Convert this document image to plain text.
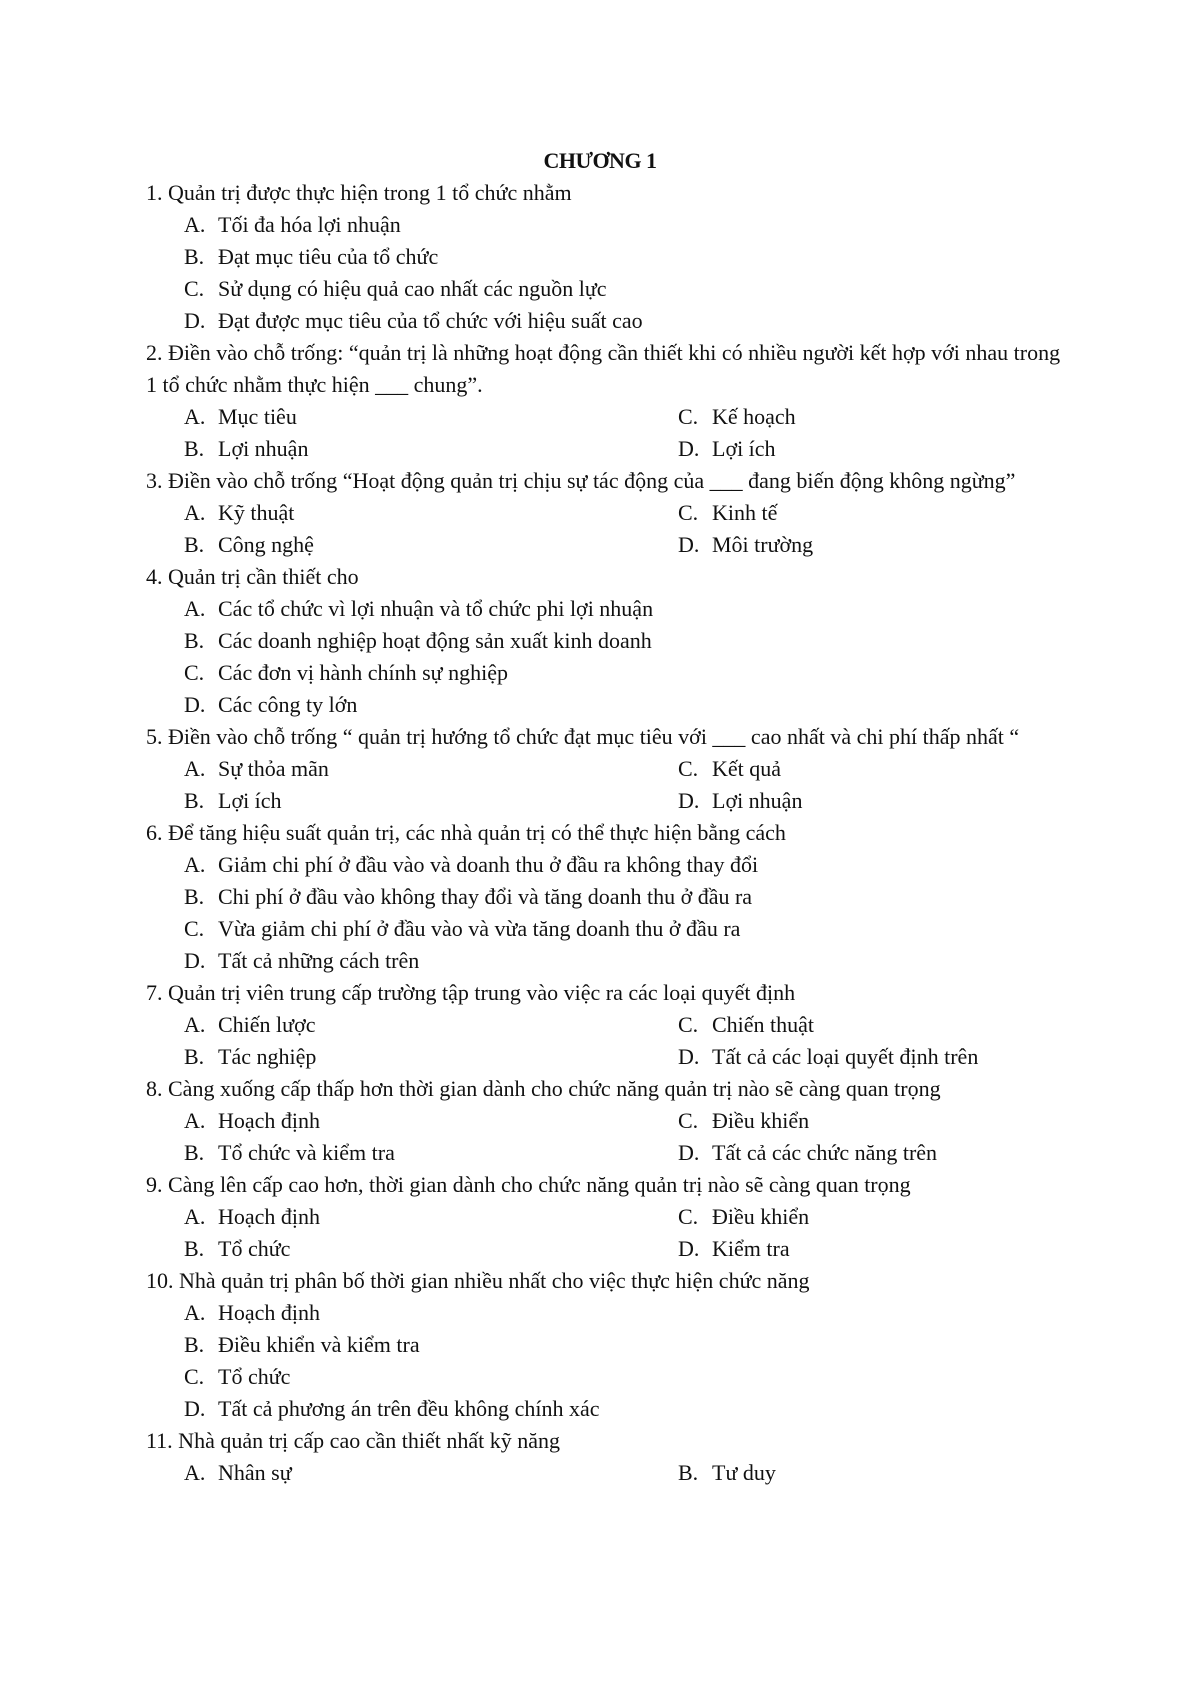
CHƯƠNG 1
1. Quản trị được thực hiện trong 1 tổ chức nhằm
A. Tối đa hóa lợi nhuận
B. Đạt mục tiêu của tổ chức
C. Sử dụng có hiệu quả cao nhất các nguồn lực
D. Đạt được mục tiêu của tổ chức với hiệu suất cao
2. Điền vào chỗ trống: “quản trị là những hoạt động cần thiết khi có nhiều người kết hợp với nhau trong 1 tổ chức nhằm thực hiện ___ chung”.
A. Mục tiêu	C. Kế hoạch
B. Lợi nhuận	D. Lợi ích
3. Điền vào chỗ trống “Hoạt động quản trị chịu sự tác động của ___ đang biến động không ngừng”
A. Kỹ thuật	C. Kinh tế
B. Công nghệ	D. Môi trường
4. Quản trị cần thiết cho
A. Các tổ chức vì lợi nhuận và tổ chức phi lợi nhuận
B. Các doanh nghiệp hoạt động sản xuất kinh doanh
C. Các đơn vị hành chính sự nghiệp
D. Các công ty lớn
5. Điền vào chỗ trống “ quản trị hướng tổ chức đạt mục tiêu với ___ cao nhất và chi phí thấp nhất “
A. Sự thỏa mãn	C. Kết quả
B. Lợi ích	D. Lợi nhuận
6. Để tăng hiệu suất quản trị, các nhà quản trị có thể thực hiện bằng cách
A. Giảm chi phí ở đầu vào và doanh thu ở đầu ra không thay đổi
B. Chi phí ở đầu vào không thay đổi và tăng doanh thu ở đầu ra
C. Vừa giảm chi phí ở đầu vào và vừa tăng doanh thu ở đầu ra
D. Tất cả những cách trên
7. Quản trị viên trung cấp trường tập trung vào việc ra các loại quyết định
A. Chiến lược	C. Chiến thuật
B. Tác nghiệp	D. Tất cả các loại quyết định trên
8. Càng xuống cấp thấp hơn thời gian dành cho chức năng quản trị nào sẽ càng quan trọng
A. Hoạch định	C. Điều khiển
B. Tổ chức và kiểm tra	D. Tất cả các chức năng trên
9. Càng lên cấp cao hơn, thời gian dành cho chức năng quản trị nào sẽ càng quan trọng
A. Hoạch định	C. Điều khiển
B. Tổ chức	D. Kiểm tra
10. Nhà quản trị phân bố thời gian nhiều nhất cho việc thực hiện chức năng
A. Hoạch định
B. Điều khiển và kiểm tra
C. Tổ chức
D. Tất cả phương án trên đều không chính xác
11. Nhà quản trị cấp cao cần thiết nhất kỹ năng
A. Nhân sự	B. Tư duy
